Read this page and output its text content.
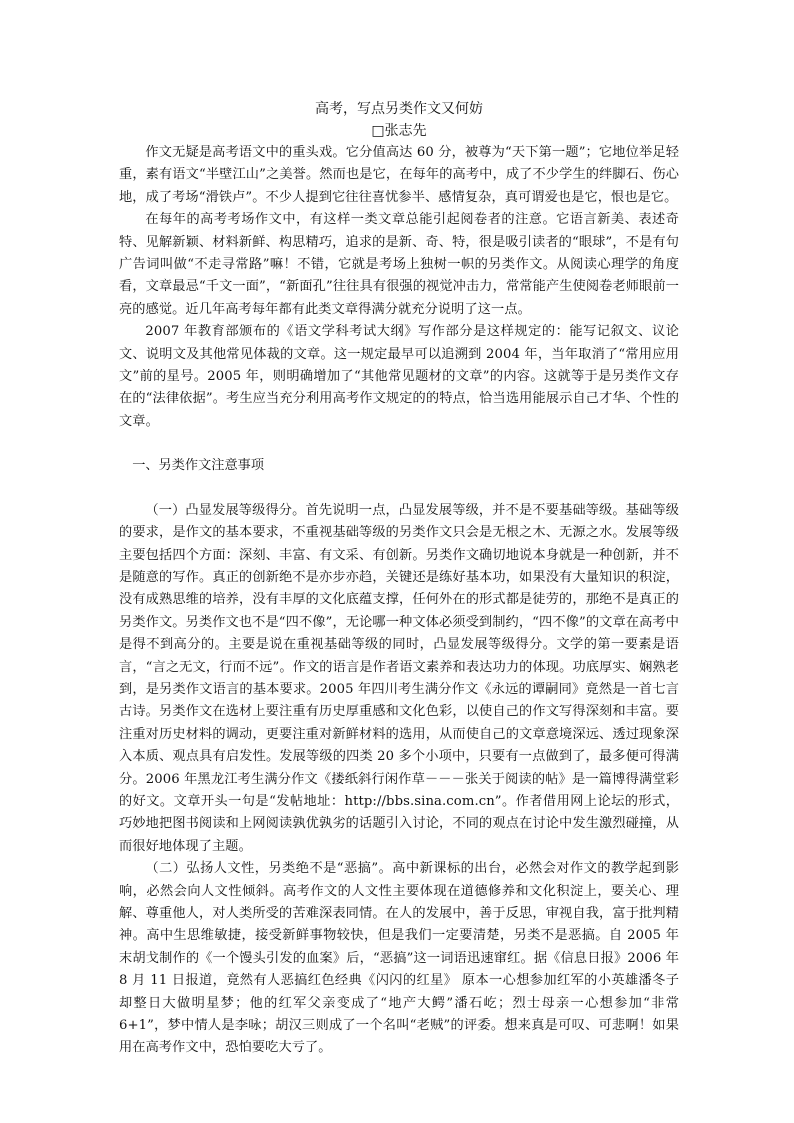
高考，写点另类作文又何妨

□张志先

作文无疑是高考语文中的重头戏。它分值高达 60 分，被尊为“天下第一题”；它地位举足轻重，素有语文“半壁江山”之美誉。然而也是它，在每年的高考中，成了不少学生的绊脚石、伤心地，成了考场“滑铁卢”。不少人提到它往往喜忧参半、感情复杂，真可谓爱也是它，恨也是它。

在每年的高考考场作文中，有这样一类文章总能引起阅卷者的注意。它语言新美、表述奇特、见解新颖、材料新鲜、构思精巧，追求的是新、奇、特，很是吸引读者的“眼球”，不是有句广告词叫做“不走寻常路”嘛！不错，它就是考场上独树一帜的另类作文。从阅读心理学的角度看，文章最忌“千文一面”，“新面孔”往往具有很强的视觉冲击力，常常能产生使阅卷老师眼前一亮的感觉。近几年高考每年都有此类文章得满分就充分说明了这一点。

2007 年教育部颁布的《语文学科考试大纲》写作部分是这样规定的：能写记叙文、议论文、说明文及其他常见体裁的文章。这一规定最早可以追溯到 2004 年，当年取消了“常用应用文”前的星号。2005 年，则明确增加了“其他常见题材的文章”的内容。这就等于是另类作文存在的“法律依据”。考生应当充分利用高考作文规定的的特点，恰当选用能展示自己才华、个性的文章。

一、另类作文注意事项

（一）凸显发展等级得分。首先说明一点，凸显发展等级，并不是不要基础等级。基础等级的要求，是作文的基本要求，不重视基础等级的另类作文只会是无根之木、无源之水。发展等级主要包括四个方面：深刻、丰富、有文采、有创新。另类作文确切地说本身就是一种创新，并不是随意的写作。真正的创新绝不是亦步亦趋，关键还是练好基本功，如果没有大量知识的积淀，没有成熟思维的培养，没有丰厚的文化底蕴支撑，任何外在的形式都是徒劳的，那绝不是真正的另类作文。另类作文也不是“四不像”，无论哪一种文体必须受到制约，“四不像”的文章在高考中是得不到高分的。主要是说在重视基础等级的同时，凸显发展等级得分。文学的第一要素是语言，“言之无文，行而不远”。作文的语言是作者语文素养和表达功力的体现。功底厚实、娴熟老到，是另类作文语言的基本要求。2005 年四川考生满分作文《永远的谭嗣同》竟然是一首七言古诗。另类作文在选材上要注重有历史厚重感和文化色彩，以使自己的作文写得深刻和丰富。要注重对历史材料的调动，更要注重对新鲜材料的选用，从而使自己的文章意境深远、透过现象深入本质、观点具有启发性。发展等级的四类 20 多个小项中，只要有一点做到了，最多便可得满分。2006 年黑龙江考生满分作文《搂纸斜行闲作草－－－张关于阅读的帖》是一篇博得满堂彩的好文。文章开头一句是“发帖地址：http://bbs.sina.com.cn”。作者借用网上论坛的形式，巧妙地把图书阅读和上网阅读孰优孰劣的话题引入讨论，不同的观点在讨论中发生激烈碰撞，从而很好地体现了主题。

（二）弘扬人文性，另类绝不是“恶搞”。高中新课标的出台，必然会对作文的教学起到影响，必然会向人文性倾斜。高考作文的人文性主要体现在道德修养和文化积淀上，要关心、理解、尊重他人，对人类所受的苦难深表同情。在人的发展中，善于反思，审视自我，富于批判精神。高中生思维敏捷，接受新鲜事物较快，但是我们一定要清楚，另类不是恶搞。自 2005 年末胡戈制作的《一个馒头引发的血案》后，“恶搞”这一词语迅速窜红。据《信息日报》2006 年 8 月 11 日报道，竟然有人恶搞红色经典《闪闪的红星》 原本一心想参加红军的小英雄潘冬子却整日大做明星梦；他的红军父亲变成了“地产大鳄”潘石屹；烈士母亲一心想参加“非常 6+1”，梦中情人是李咏；胡汉三则成了一个名叫“老贼”的评委。想来真是可叹、可悲啊！如果用在高考作文中，恐怕要吃大亏了。
